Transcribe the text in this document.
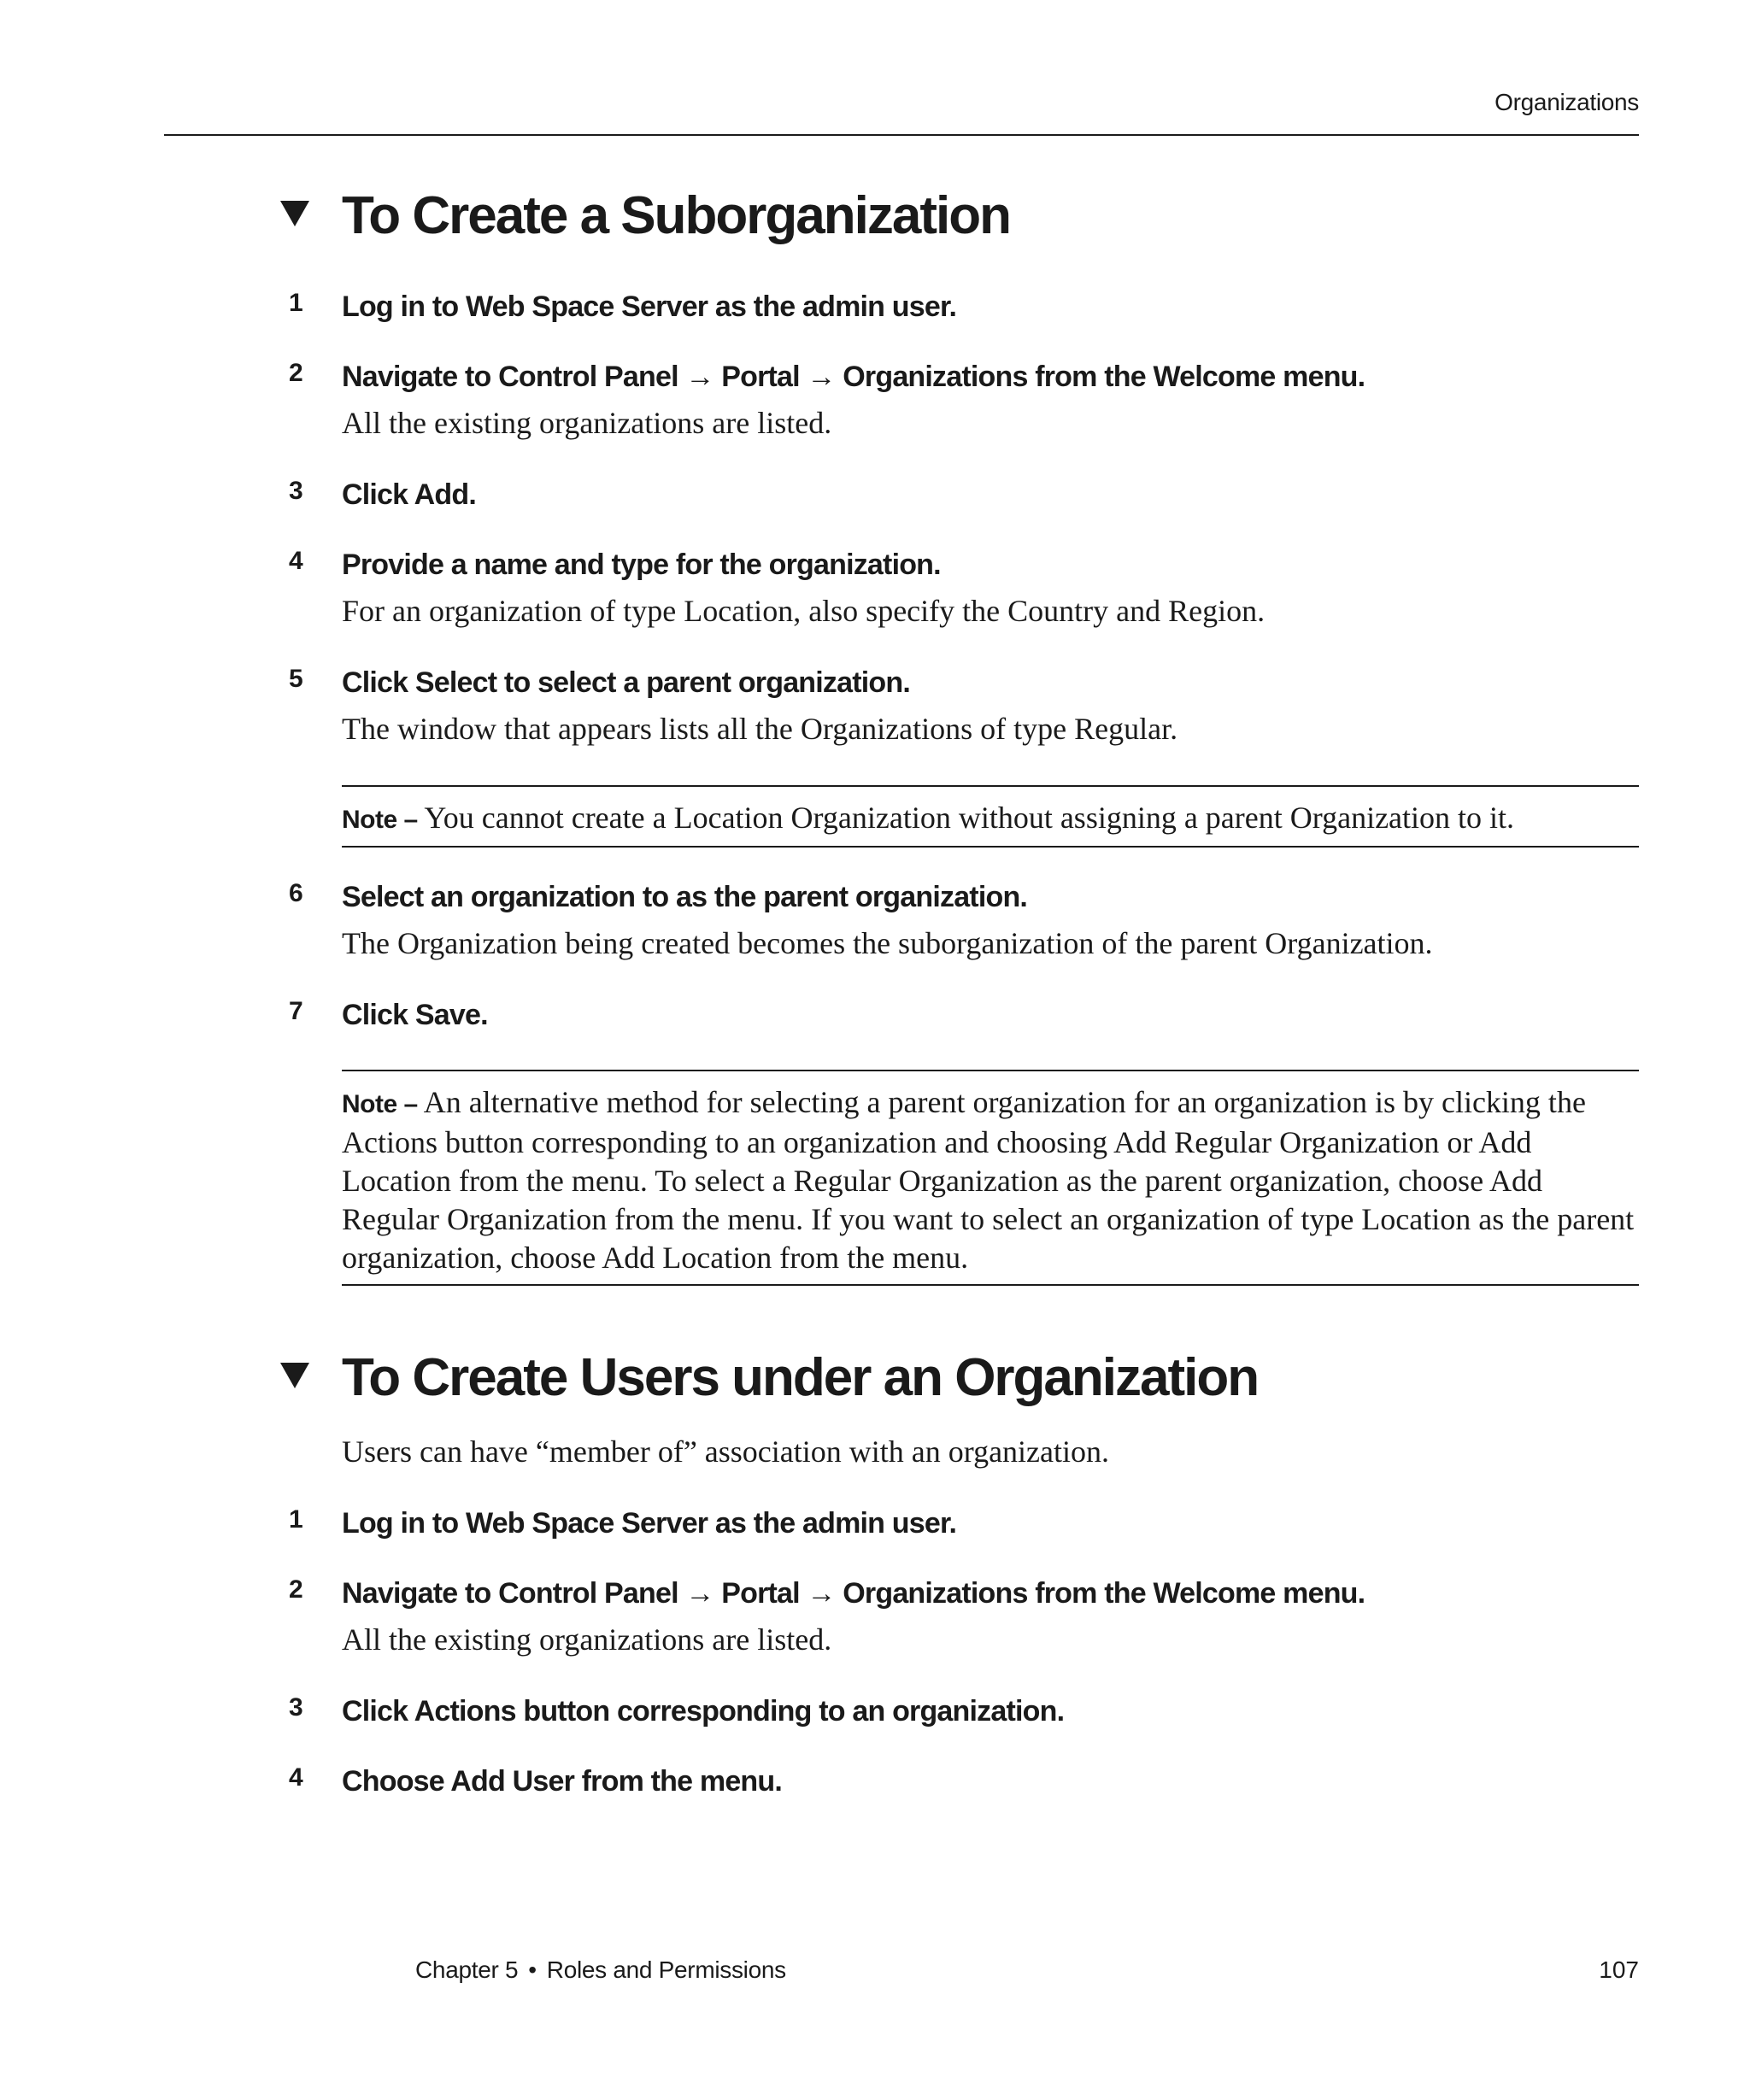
Organizations
To Create a Suborganization
1 Log in to Web Space Server as the admin user.
2 Navigate to Control Panel → Portal → Organizations from the Welcome menu.
All the existing organizations are listed.
3 Click Add.
4 Provide a name and type for the organization.
For an organization of type Location, also specify the Country and Region.
5 Click Select to select a parent organization.
The window that appears lists all the Organizations of type Regular.
Note – You cannot create a Location Organization without assigning a parent Organization to it.
6 Select an organization to as the parent organization.
The Organization being created becomes the suborganization of the parent Organization.
7 Click Save.
Note – An alternative method for selecting a parent organization for an organization is by clicking the Actions button corresponding to an organization and choosing Add Regular Organization or Add Location from the menu. To select a Regular Organization as the parent organization, choose Add Regular Organization from the menu. If you want to select an organization of type Location as the parent organization, choose Add Location from the menu.
To Create Users under an Organization
Users can have “member of” association with an organization.
1 Log in to Web Space Server as the admin user.
2 Navigate to Control Panel → Portal → Organizations from the Welcome menu.
All the existing organizations are listed.
3 Click Actions button corresponding to an organization.
4 Choose Add User from the menu.
Chapter 5 • Roles and Permissions	107
